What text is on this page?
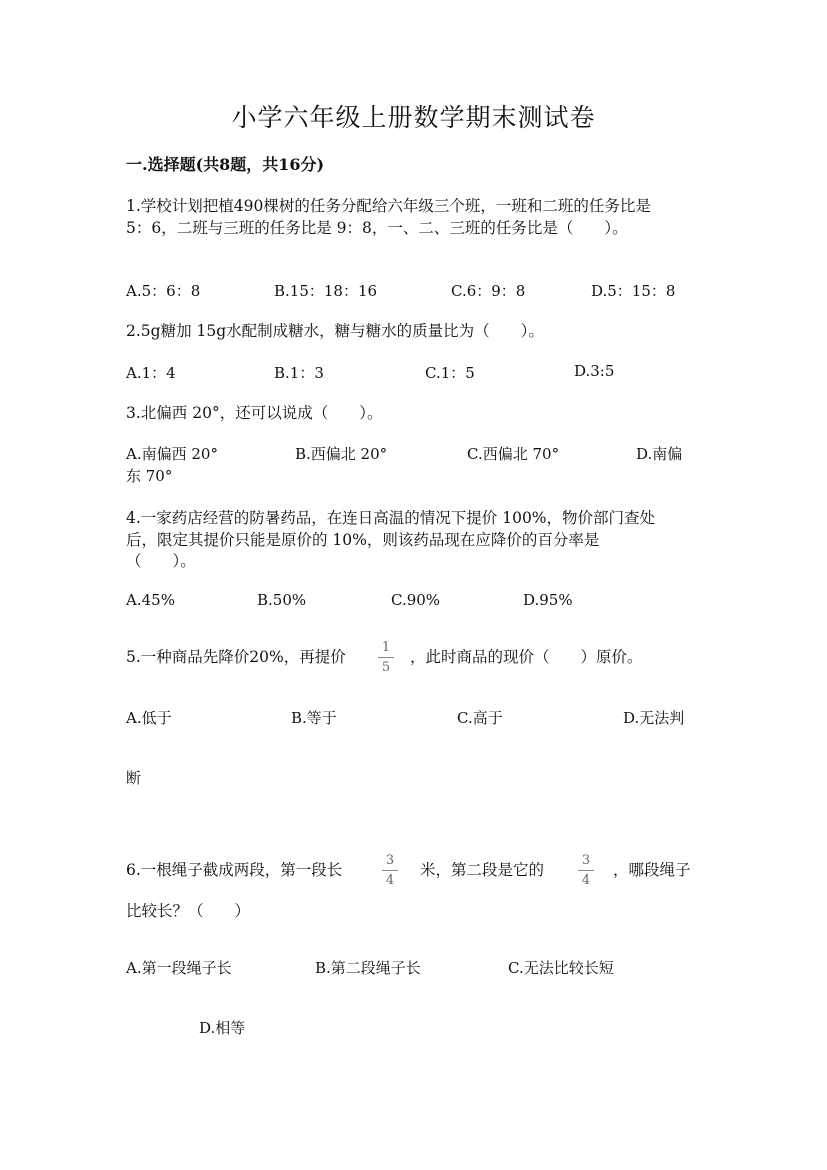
小学六年级上册数学期末测试卷
一.选择题(共8题，共16分)
1.学校计划把植490棵树的任务分配给六年级三个班，一班和二班的任务比是
5：6，二班与三班的任务比是 9：8，一、二、三班的任务比是（　　）。
A.5：6：8	B.15：18：16	C.6：9：8	D.5：15：8
2.5g糖加 15g水配制成糖水，糖与糖水的质量比为（　　）。
A.1：4	B.1：3	C.1：5	D.3:5
3.北偏西 20°，还可以说成（　　）。
A.南偏西 20°	B.西偏北 20°	C.西偏北 70°	D.南偏
东 70°
4.一家药店经营的防暑药品，在连日高温的情况下提价 100%，物价部门查处
后，限定其提价只能是原价的 10%，则该药品现在应降价的百分率是
（　　）。
A.45%	B.50%	C.90%	D.95%
5.一种商品先降价20%，再提价
1
5
，此时商品的现价（　　）原价。
A.低于	B.等于	C.高于	D.无法判
断
6.一根绳子截成两段，第一段长
3
4
米，第二段是它的
3
4
，哪段绳子
比较长？（　　）
A.第一段绳子长	B.第二段绳子长	C.无法比较长短
D.相等
